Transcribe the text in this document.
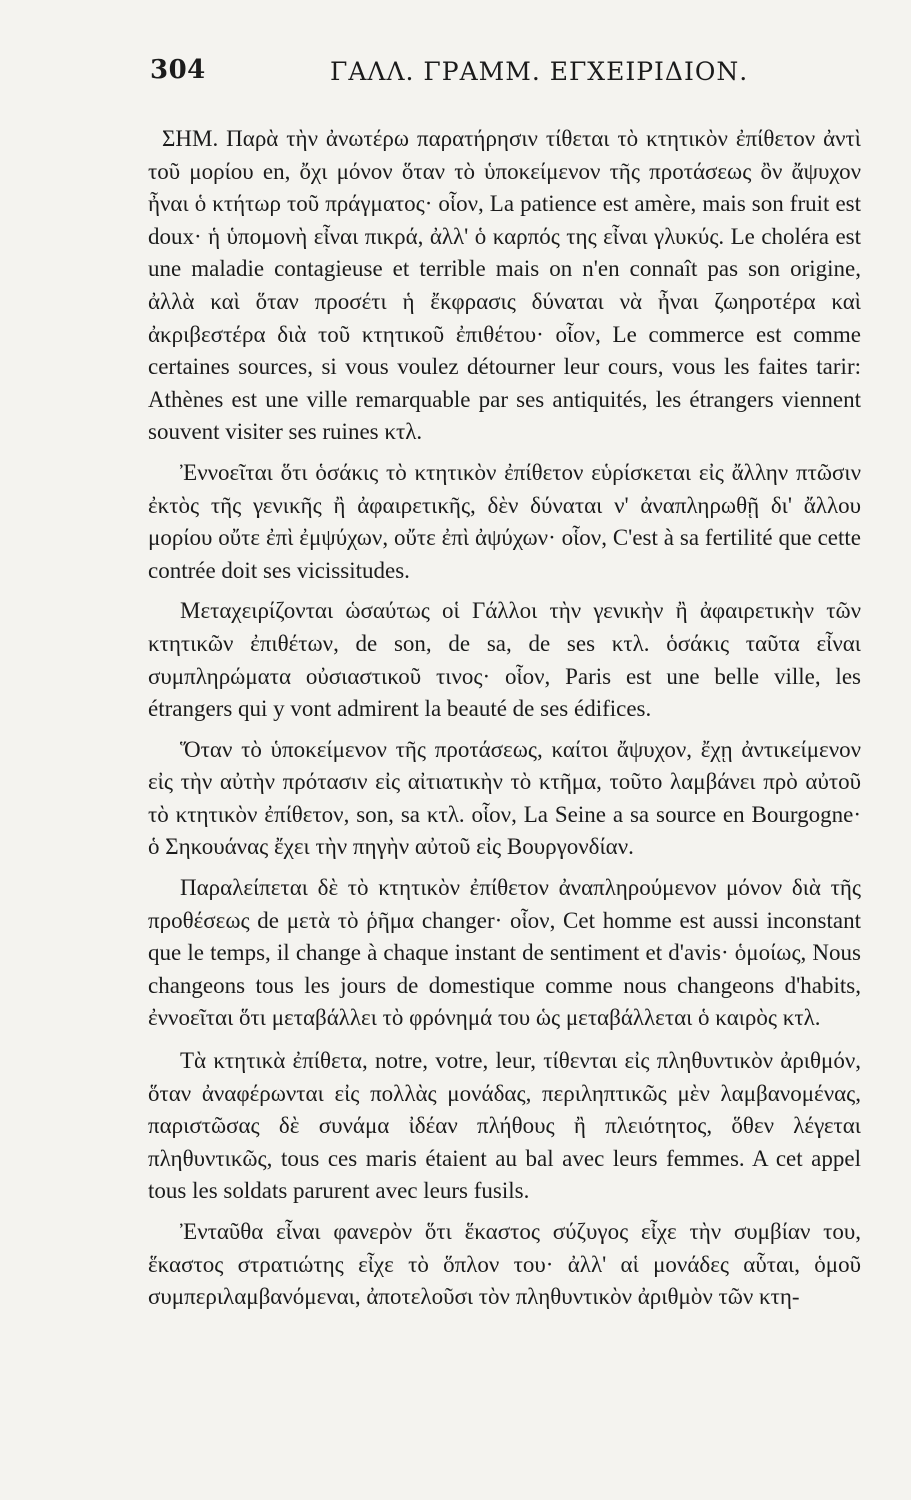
304	ΓΑΛΛ. ΓΡΑΜΜ. ΕΓΧΕΙΡΙΔΙΟΝ.

ΣΗΜ. Παρὰ τὴν ἀνωτέρω παρατήρησιν τίθεται τὸ κτητικὸν ἐπίθετον ἀντὶ τοῦ μορίου en, ὄχι μόνον ὅταν τὸ ὑποκείμενον τῆς προτάσεως ὂν ἄψυχον ἦναι ὁ κτήτωρ τοῦ πράγματος· οἷον, La patience est amère, mais son fruit est doux· ἡ ὑπομονὴ εἶναι πικρά, ἀλλ' ὁ καρπός της εἶναι γλυκύς. Le choléra est une maladie contagieuse et terrible mais on n'en connaît pas son origine, ἀλλὰ καὶ ὅταν προσέτι ἡ ἔκφρασις δύναται νὰ ἦναι ζωηροτέρα καὶ ἀκριβεστέρα διὰ τοῦ κτητικοῦ ἐπιθέτου· οἷον, Le commerce est comme certaines sources, si vous voulez détourner leur cours, vous les faites tarir: Athènes est une ville remarquable par ses antiquités, les étrangers viennent souvent visiter ses ruines κτλ.

Ἐννοεῖται ὅτι ὁσάκις τὸ κτητικὸν ἐπίθετον εὑρίσκεται εἰς ἄλλην πτῶσιν ἐκτὸς τῆς γενικῆς ἢ ἀφαιρετικῆς, δὲν δύναται ν' ἀναπληρωθῇ δι' ἄλλου μορίου οὔτε ἐπὶ ἐμψύχων, οὔτε ἐπὶ ἀψύχων· οἷον, C'est à sa fertilité que cette contrée doit ses vicissitudes.

Μεταχειρίζονται ὡσαύτως οἱ Γάλλοι τὴν γενικὴν ἢ ἀφαιρετικὴν τῶν κτητικῶν ἐπιθέτων, de son, de sa, de ses κτλ. ὁσάκις ταῦτα εἶναι συμπληρώματα οὐσιαστικοῦ τινος· οἷον, Paris est une belle ville, les étrangers qui y vont admirent la beauté de ses édifices.

Ὅταν τὸ ὑποκείμενον τῆς προτάσεως, καίτοι ἄψυχον, ἔχῃ ἀντικείμενον εἰς τὴν αὐτὴν πρότασιν εἰς αἰτιατικὴν τὸ κτῆμα, τοῦτο λαμβάνει πρὸ αὐτοῦ τὸ κτητικὸν ἐπίθετον, son, sa κτλ. οἷον, La Seine a sa source en Bourgogne· ὁ Σηκουάνας ἔχει τὴν πηγὴν αὐτοῦ εἰς Βουργονδίαν.

Παραλείπεται δὲ τὸ κτητικὸν ἐπίθετον ἀναπληρούμενον μόνον διὰ τῆς προθέσεως de μετὰ τὸ ῥῆμα changer· οἷον, Cet homme est aussi inconstant que le temps, il change à chaque instant de sentiment et d'avis· ὁμοίως, Nous changeons tous les jours de domestique comme nous changeons d'habits, ἐννοεῖται ὅτι μεταβάλλει τὸ φρόνημά του ὡς μεταβάλλεται ὁ καιρὸς κτλ.

Τὰ κτητικὰ ἐπίθετα, notre, votre, leur, τίθενται εἰς πληθυντικὸν ἀριθμόν, ὅταν ἀναφέρωνται εἰς πολλὰς μονάδας, περιληπτικῶς μὲν λαμβανομένας, παριστῶσας δὲ συνάμα ἰδέαν πλήθους ἢ πλειότητος, ὅθεν λέγεται πληθυντικῶς, tous ces maris étaient au bal avec leurs femmes. A cet appel tous les soldats parurent avec leurs fusils.

Ἐνταῦθα εἶναι φανερὸν ὅτι ἕκαστος σύζυγος εἶχε τὴν συμβίαν του, ἕκαστος στρατιώτης εἶχε τὸ ὅπλον του· ἀλλ' αἱ μονάδες αὗται, ὁμοῦ συμπεριλαμβανόμεναι, ἀποτελοῦσι τὸν πληθυντικὸν ἀριθμὸν τῶν κτη-
